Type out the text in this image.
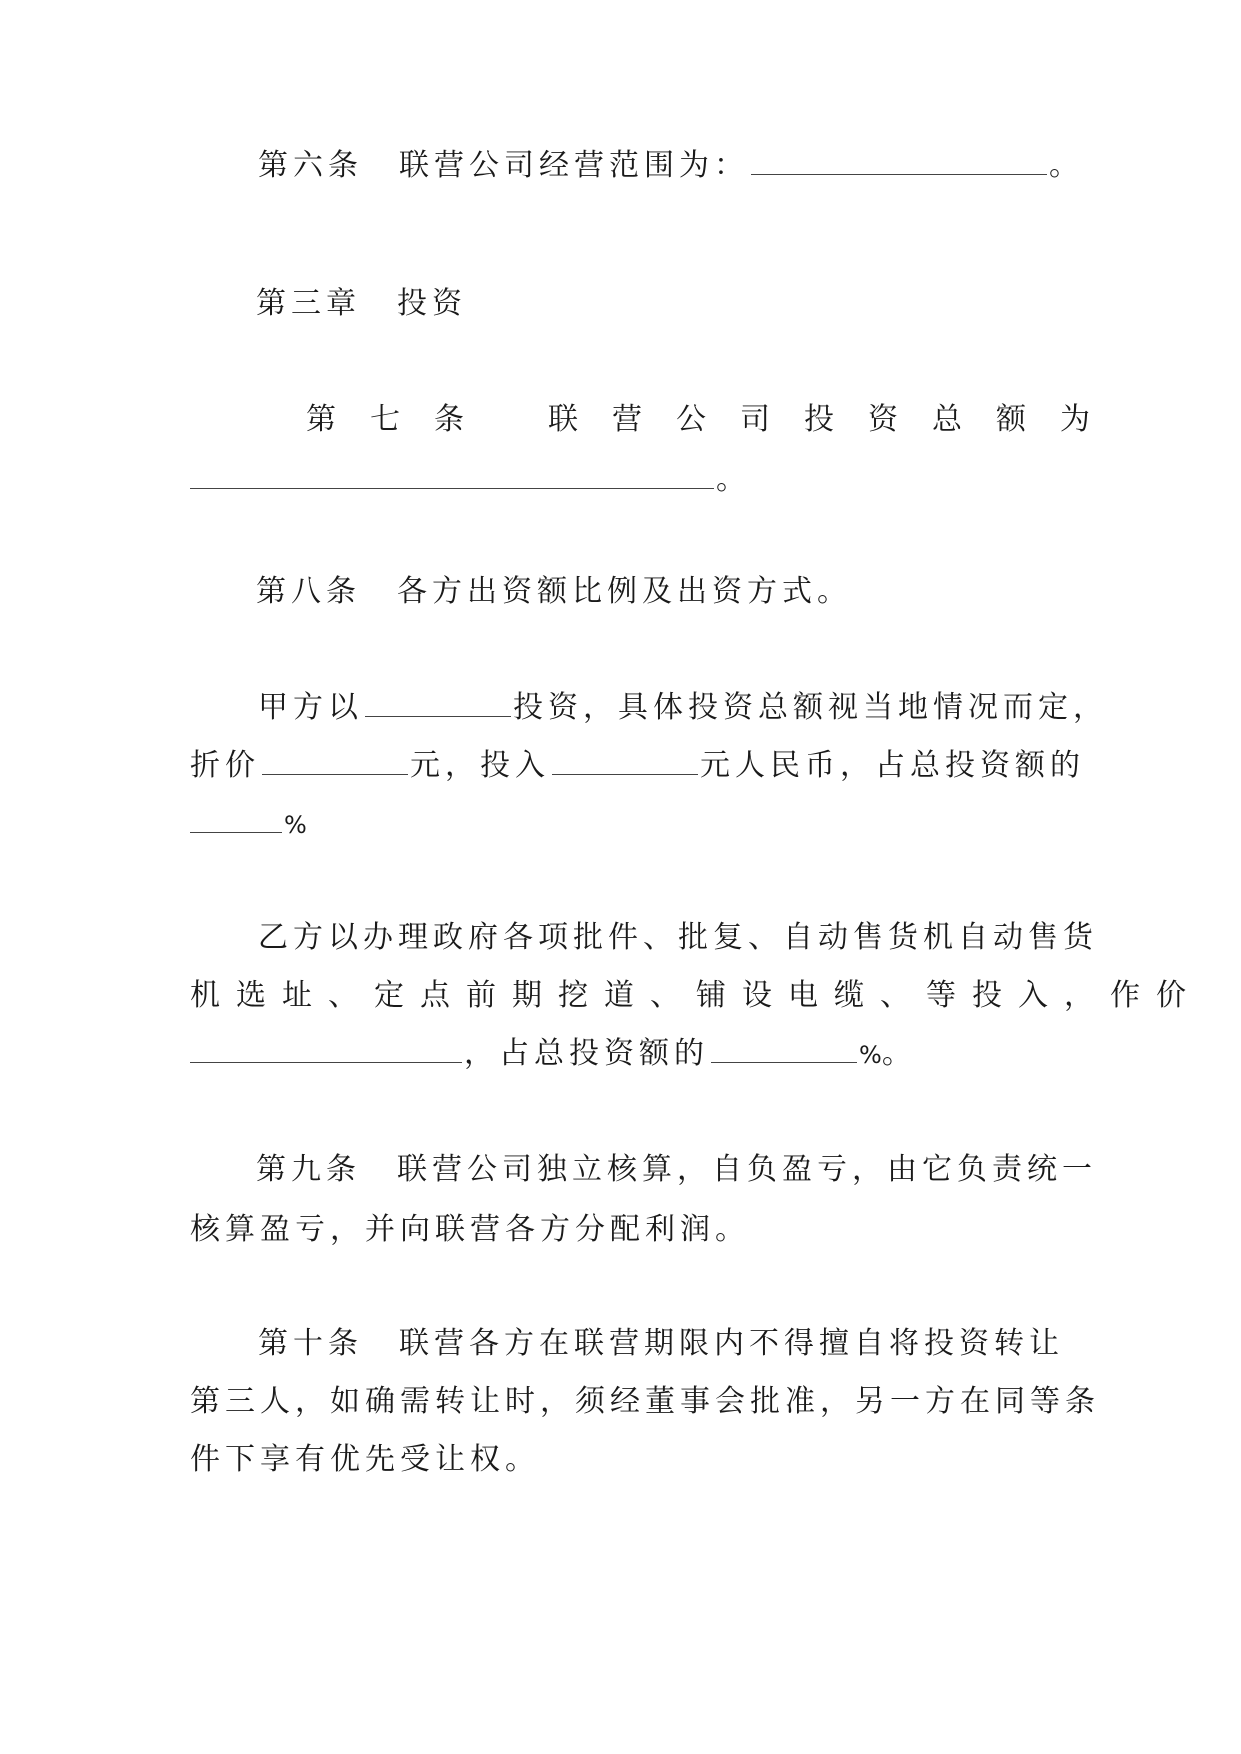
第六条 联营公司经营范围为：	。
第三章 投资
第七条 联营公司投资总额为
。
第八条 各方出资额比例及出资方式。
甲方以	投资，具体投资总额视当地情况而定，
折价	元，投入	元人民币，占总投资额的
%
乙方以办理政府各项批件、批复、自动售货机自动售货
机选址、定点前期挖道、铺设电缆、等投入，作价
，占总投资额的	%。
第九条 联营公司独立核算，自负盈亏，由它负责统一
核算盈亏，并向联营各方分配利润。
第十条 联营各方在联营期限内不得擅自将投资转让
第三人，如确需转让时，须经董事会批准，另一方在同等条
件下享有优先受让权。
